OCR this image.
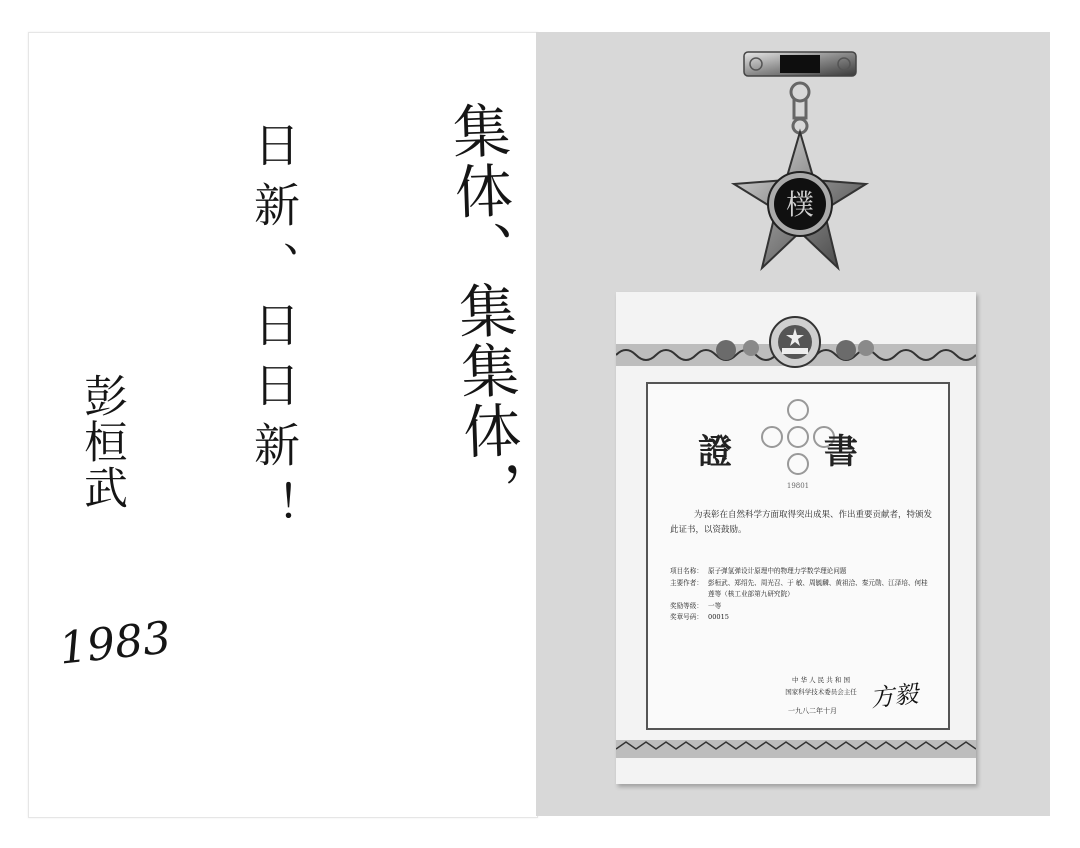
集体、集集体，
日新、日日新！
彭桓武
1983
樸
證 書
19801
为表彰在自然科学方面取得突出成果、作出重要贡献者，特颁发此证书，以资鼓励。
项目名称： 原子弹氢弹设计原理中的物理力学数学理论问题
主要作者： 彭桓武、郑绍先、周光召、于 敏、周毓麟、黄祖洽、秦元勋、江泽培、何桂莲等（核工业部第九研究院）
奖励等级： 一等
奖章号码： 00015
中 华 人 民 共 和 国
国家科学技术委员会主任 方毅
一九八二年十月
